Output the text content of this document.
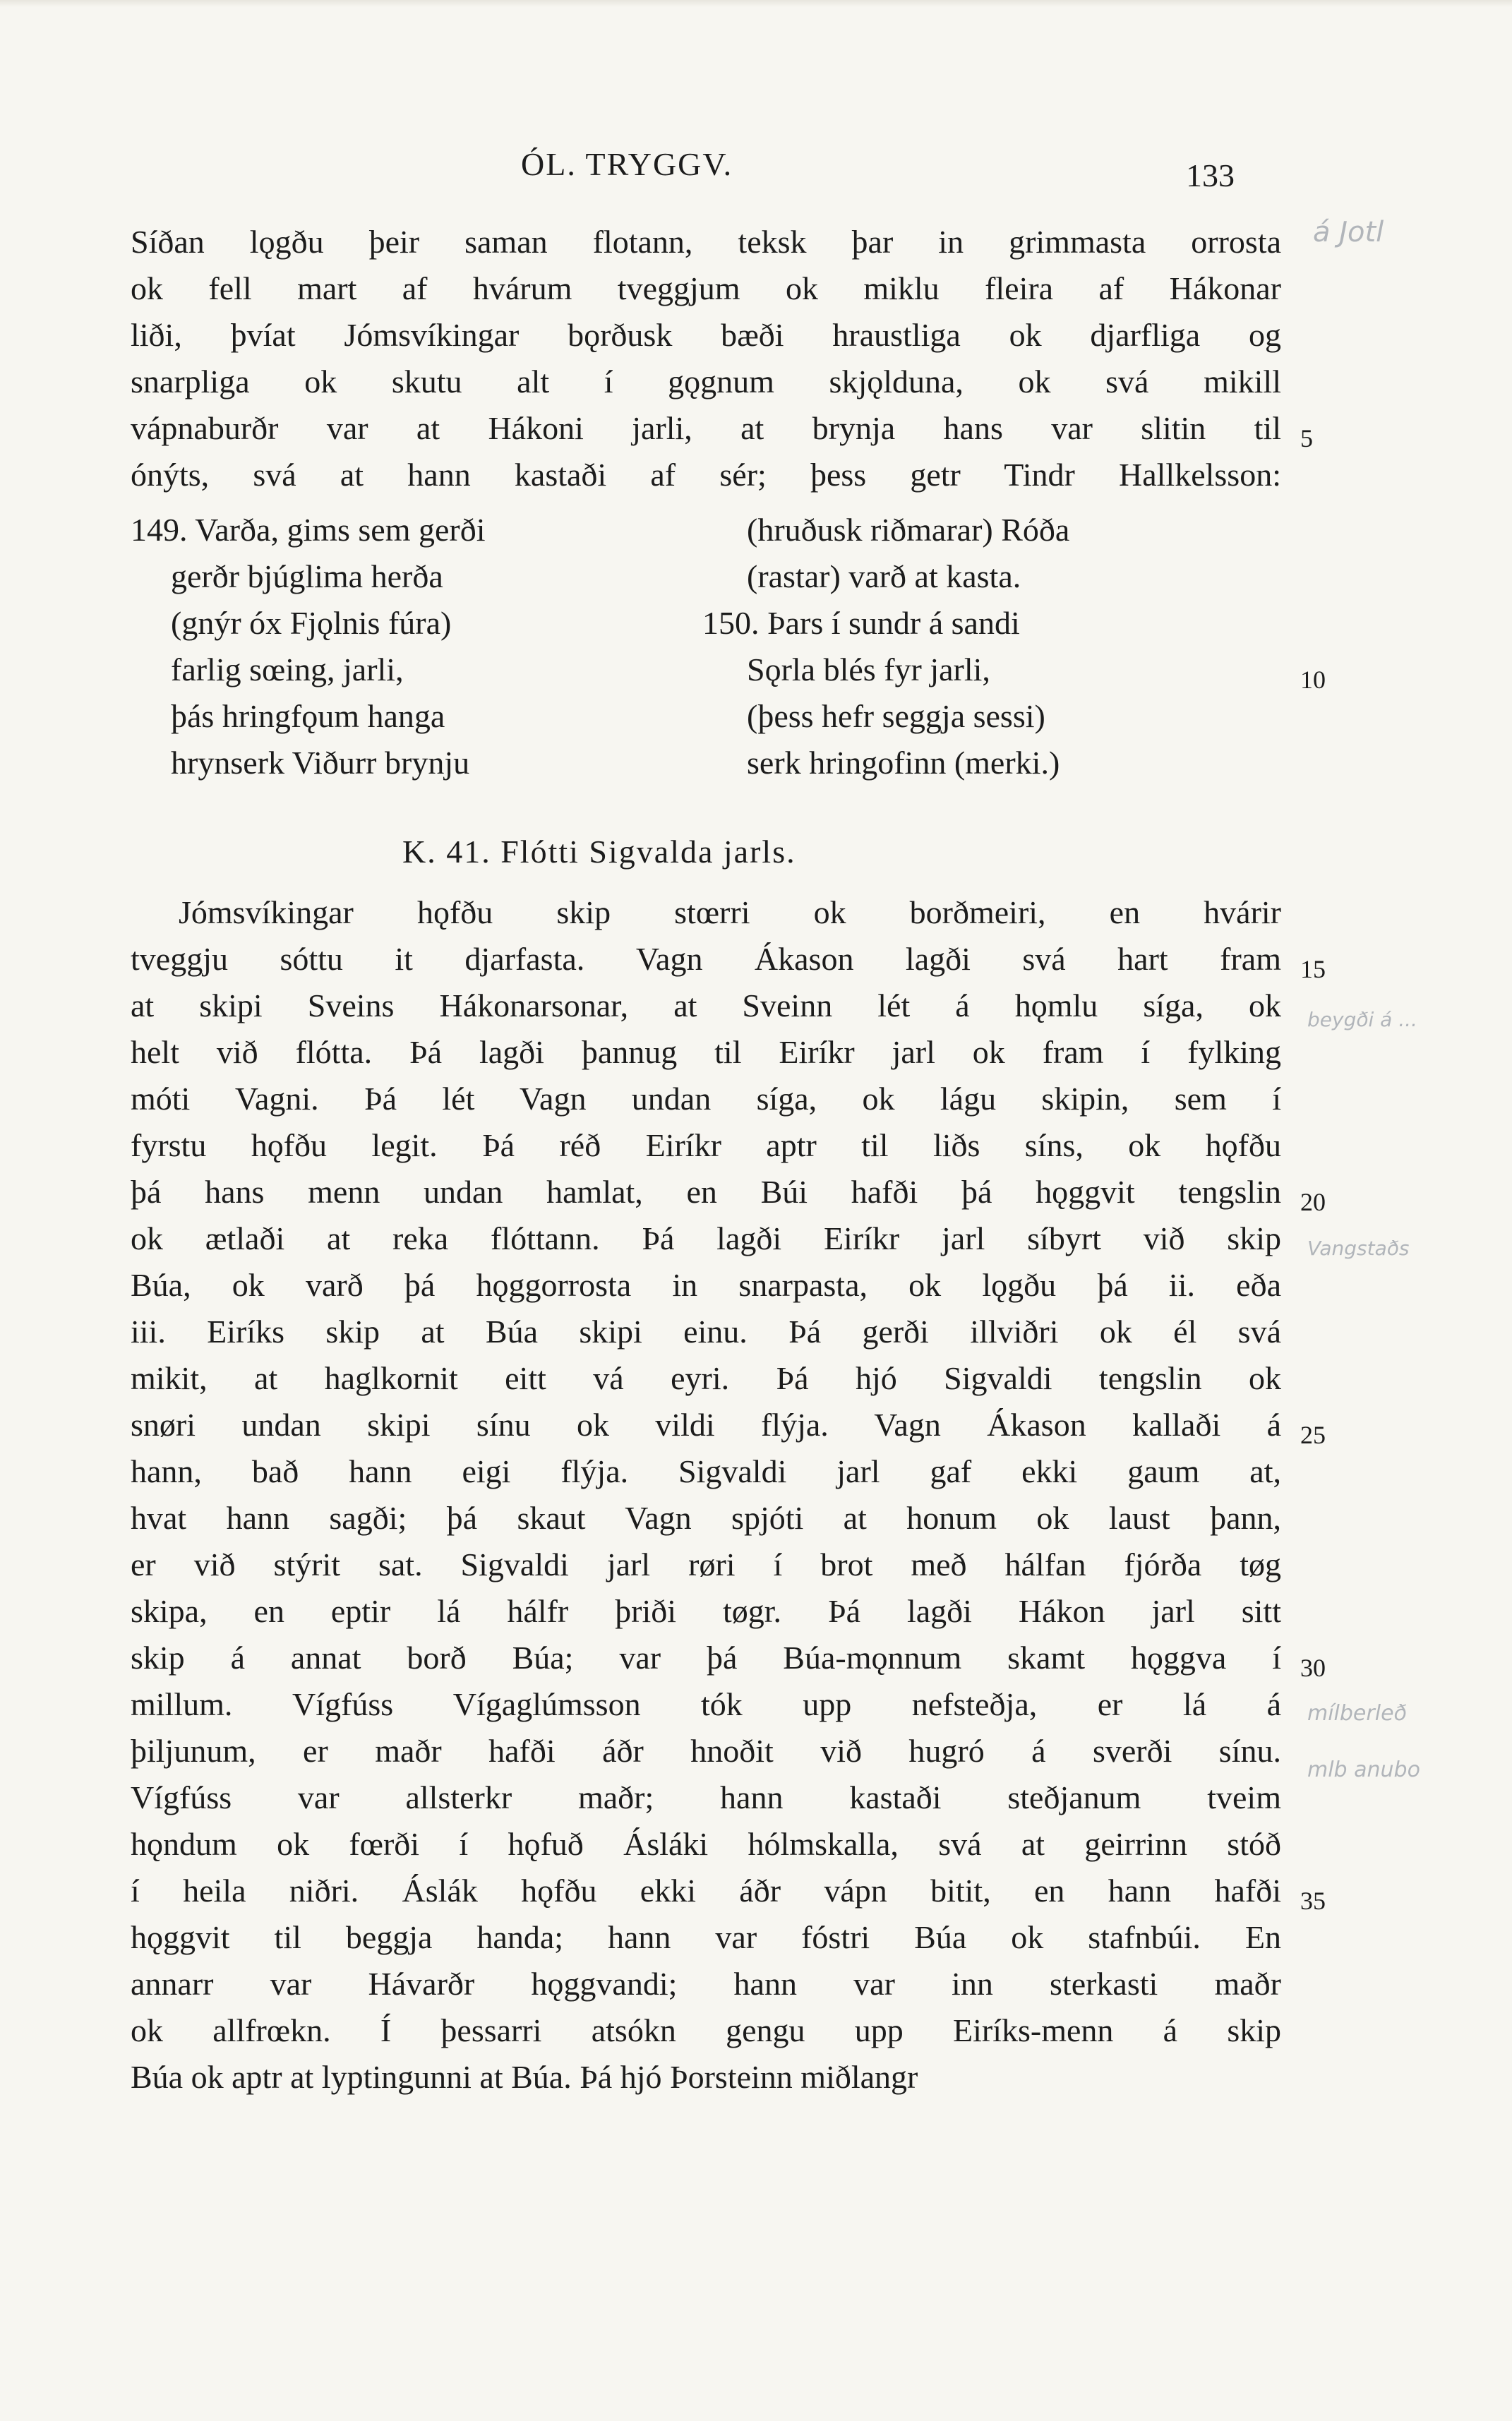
ÓL. TRYGGV.	133
Síðan lǫgðu þeir saman flotann, teksk þar in grimmasta orrosta
ok fell mart af hvárum tveggjum ok miklu fleira af Hákonar
liði, þvíat Jómsvíkingar bǫrðusk bæði hraustliga ok djarfliga og
snarpliga ok skutu alt í gǫgnum skjǫlduna, ok svá mikill
vápnaburðr var at Hákoni jarli, at brynja hans var slitin til
ónýts, svá at hann kastaði af sér; þess getr Tindr Hallkelsson:
149. Varða, gims sem gerði
gerðr bjúglima herða
(gnýr óx Fjǫlnis fúra)
farlig sœing, jarli,
þás hringfǫum hanga
hrynserk Viðurr brynju
(hruðusk riðmarar) Róða
(rastar) varð at kasta.
150. Þars í sundr á sandi
Sǫrla blés fyr jarli,
(þess hefr seggja sessi)
serk hringofinn (merki.)
K. 41. Flótti Sigvalda jarls.
Jómsvíkingar hǫfðu skip stœrri ok borðmeiri, en hvárir
tveggju sóttu it djarfasta. Vagn Ákason lagði svá hart fram
at skipi Sveins Hákonarsonar, at Sveinn lét á hǫmlu síga, ok
helt við flótta. Þá lagði þannug til Eiríkr jarl ok fram í fylking
móti Vagni. Þá lét Vagn undan síga, ok lágu skipin, sem í
fyrstu hǫfðu legit. Þá réð Eiríkr aptr til liðs síns, ok hǫfðu
þá hans menn undan hamlat, en Búi hafði þá hǫggvit tengslin
ok ætlaði at reka flóttann. Þá lagði Eiríkr jarl síbyrt við skip
Búa, ok varð þá hǫggorrosta in snarpasta, ok lǫgðu þá ii. eða
iii. Eiríks skip at Búa skipi einu. Þá gerði illviðri ok él svá
mikit, at haglkornit eitt vá eyri. Þá hjó Sigvaldi tengslin ok
snøri undan skipi sínu ok vildi flýja. Vagn Ákason kallaði á
hann, bað hann eigi flýja. Sigvaldi jarl gaf ekki gaum at,
hvat hann sagði; þá skaut Vagn spjóti at honum ok laust þann,
er við stýrit sat. Sigvaldi jarl røri í brot með hálfan fjórða tøg
skipa, en eptir lá hálfr þriði tøgr. Þá lagði Hákon jarl sitt
skip á annat borð Búa; var þá Búa-mǫnnum skamt hǫggva í
millum. Vígfúss Vígaglúmsson tók upp nefsteðja, er lá á
þiljunum, er maðr hafði áðr hnoðit við hugró á sverði sínu.
Vígfúss var allsterkr maðr; hann kastaði steðjanum tveim
hǫndum ok fœrði í hǫfuð Ásláki hólmskalla, svá at geirrinn stóð
í heila niðri. Áslák hǫfðu ekki áðr vápn bitit, en hann hafði
hǫggvit til beggja handa; hann var fóstri Búa ok stafnbúi. En
annarr var Hávarðr hǫggvandi; hann var inn sterkasti maðr
ok allfrœkn. Í þessarri atsókn gengu upp Eiríks-menn á skip
Búa ok aptr at lyptingunni at Búa. Þá hjó Þorsteinn miðlangr
5
10
15
20
25
30
35
á Jotl
beygði á ...
Vangstaðs
mílberleð
mlb anubo
